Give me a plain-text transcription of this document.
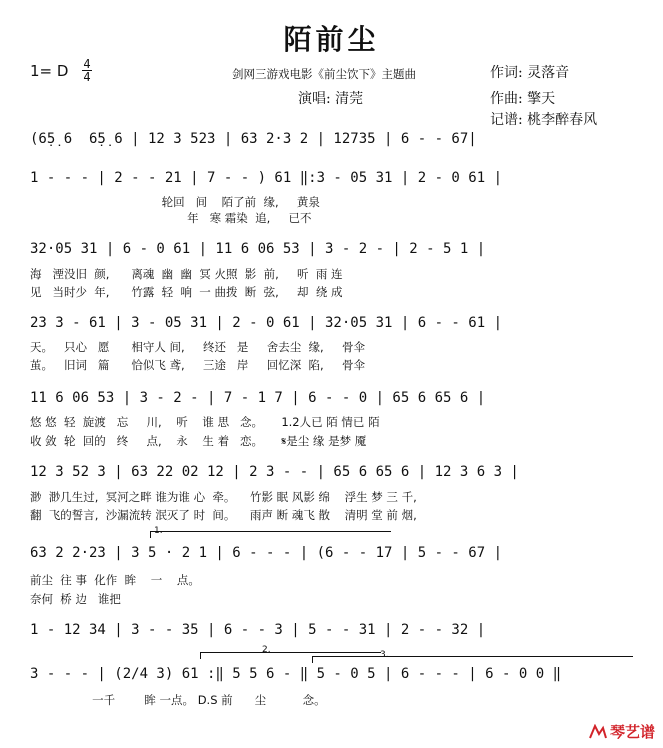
陌前尘
1= D 4
4	剑网三游戏电影《前尘饮下》主题曲	作词: 灵落音
演唱: 清莞	作曲: 擎天
记谱: 桃李醉春风
(6̣5̣ 6  6̣5̣ 6 | 12 3 523 | 63 2·3 2 | 12735 | 6 - - 67|
1 - - - | 2 - - 21 | 7 - - ) 61 ‖:3 - 05 31 | 2 - 0 61 |
轮回   间    陌了前  缘,     黄泉
年   寒 霜染  追,     已不
32·05 31 | 6 - 0 61 | 11 6 06 53 | 3 - 2 - | 2 - 5 1 |
海   湮没旧  颜,      离魂  幽  幽  冥 火照  影  前,     听  雨 连
见   当时少  年,      竹露  轻  响  一 曲拨  断  弦,     却  绕 成
23 3 - 61 | 3 - 05 31 | 2 - 0 61 | 32·05 31 | 6 - - 61 |
天。   只心   愿      相守人 间,     终还   是     舍去尘  缘,     骨伞
茧。   旧词   篇      恰似飞 鸢,     三途   岸     回忆深  陷,     骨伞
11 6 06 53 | 3 - 2 - | 7 - 1 7 | 6 - - 0 | 65 6 65 6 |
悠 悠  轻  旋渡   忘     川,    听    谁 思   念。     1.2人已 陌 情已 陌
收 敛  轮  回的   终     点,    永    生 着   恋。     𝄋是尘 缘 是梦 魇
12 3 52 3 | 63 22 02 12 | 2 3 - - | 65 6 65 6 | 12 3 6 3 |
渺  渺几生过,  冥河之畔 谁为谁 心  牵。    竹影 眠 风影 绵    浮生 梦 三 千,
翻  飞的誓言,  沙漏流转 泯灭了 时  间。    雨声 断 魂飞 散    清明 堂 前 烟,
1.
63 2 2·23 | 3 5 · 2 1 | 6 - - - | (6 - - 17 | 5 - - 67 |
前尘  往 事  化作  眸    一    点。
奈何  桥 边   谁把
1 - 12 34 | 3 - - 35 | 6 - - 3 | 5 - - 31 | 2 - - 32 |
2.	3.
3 - - - | (2/4 3) 61 :‖ 5 5 6 - ‖ 5 - 0 5 | 6 - - - | 6 - 0 0 ‖
一千        眸 一点。 D.S 前      尘          念。
琴艺谱
